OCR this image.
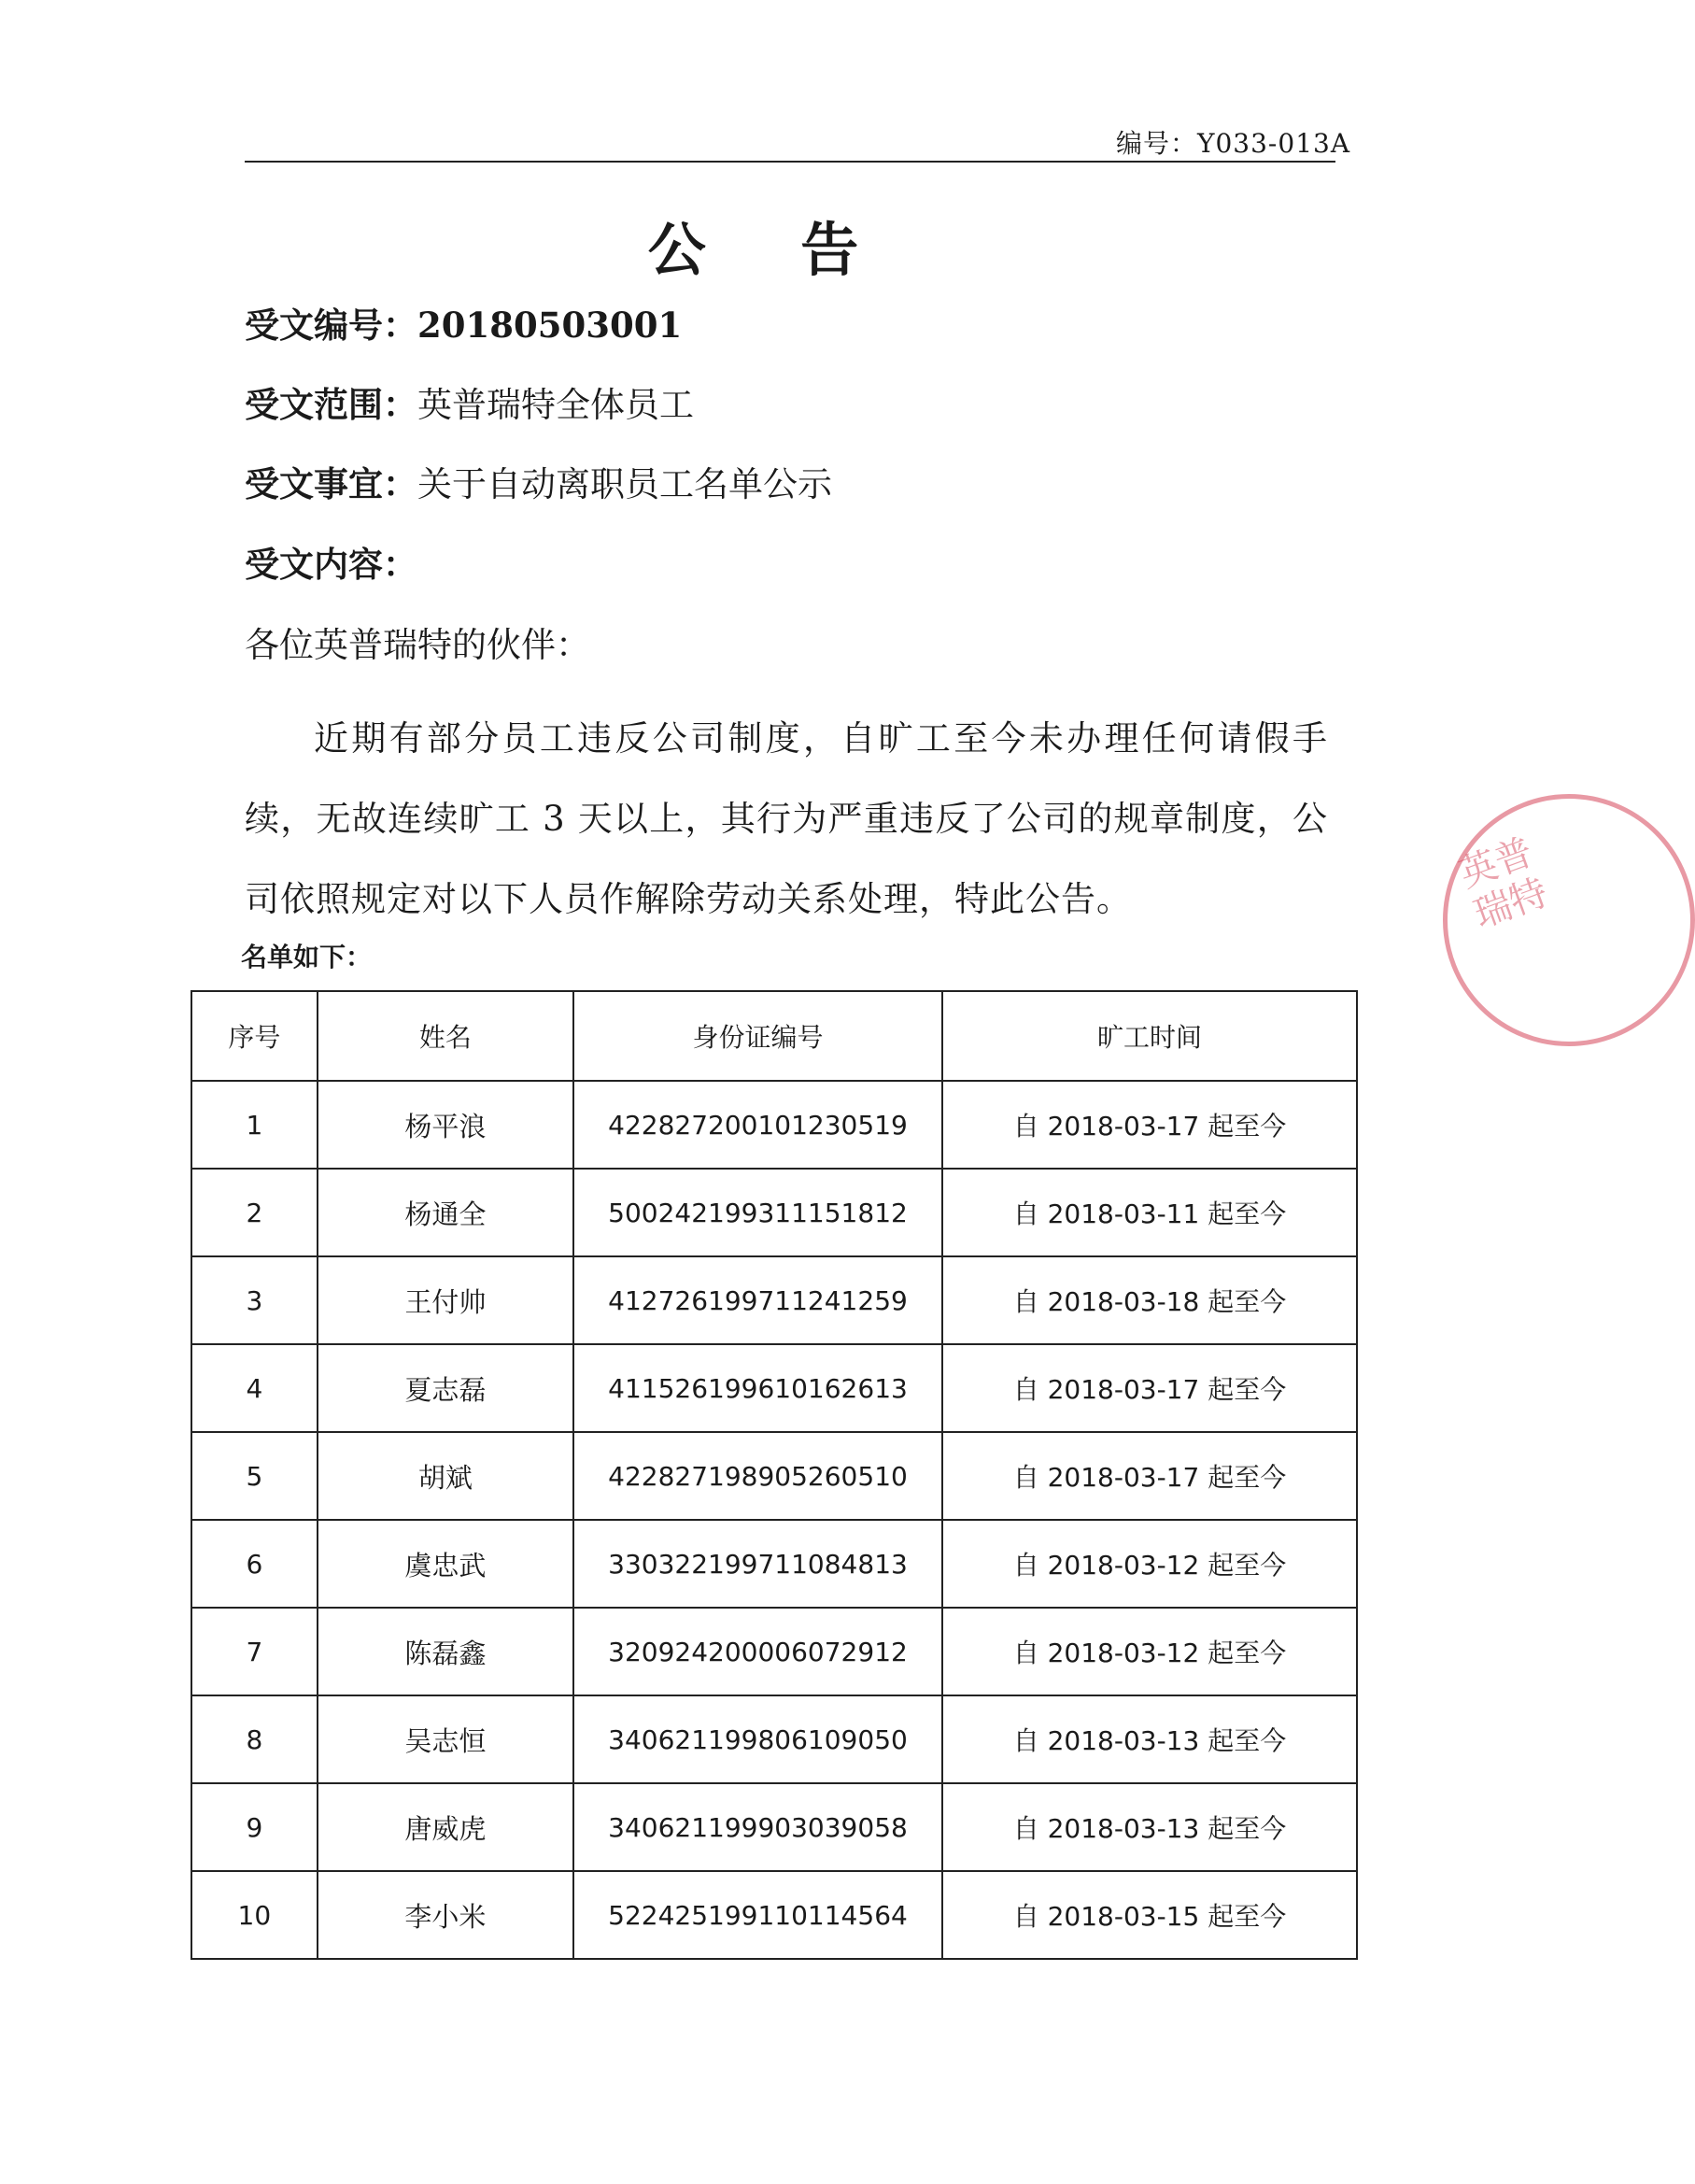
编号：Y033-013A
公 告
受文编号：20180503001
受文范围：英普瑞特全体员工
受文事宜：关于自动离职员工名单公示
受文内容：
各位英普瑞特的伙伴：
近期有部分员工违反公司制度，自旷工至今未办理任何请假手续，无故连续旷工 3 天以上，其行为严重违反了公司的规章制度，公司依照规定对以下人员作解除劳动关系处理，特此公告。
名单如下：
序号	姓名	身份证编号	旷工时间
1	杨平浪	422827200101230519	自 2018-03-17 起至今
2	杨通全	500242199311151812	自 2018-03-11 起至今
3	王付帅	412726199711241259	自 2018-03-18 起至今
4	夏志磊	411526199610162613	自 2018-03-17 起至今
5	胡斌	422827198905260510	自 2018-03-17 起至今
6	虞忠武	330322199711084813	自 2018-03-12 起至今
7	陈磊鑫	320924200006072912	自 2018-03-12 起至今
8	吴志恒	340621199806109050	自 2018-03-13 起至今
9	唐威虎	340621199903039058	自 2018-03-13 起至今
10	李小米	522425199110114564	自 2018-03-15 起至今
英普瑞特
